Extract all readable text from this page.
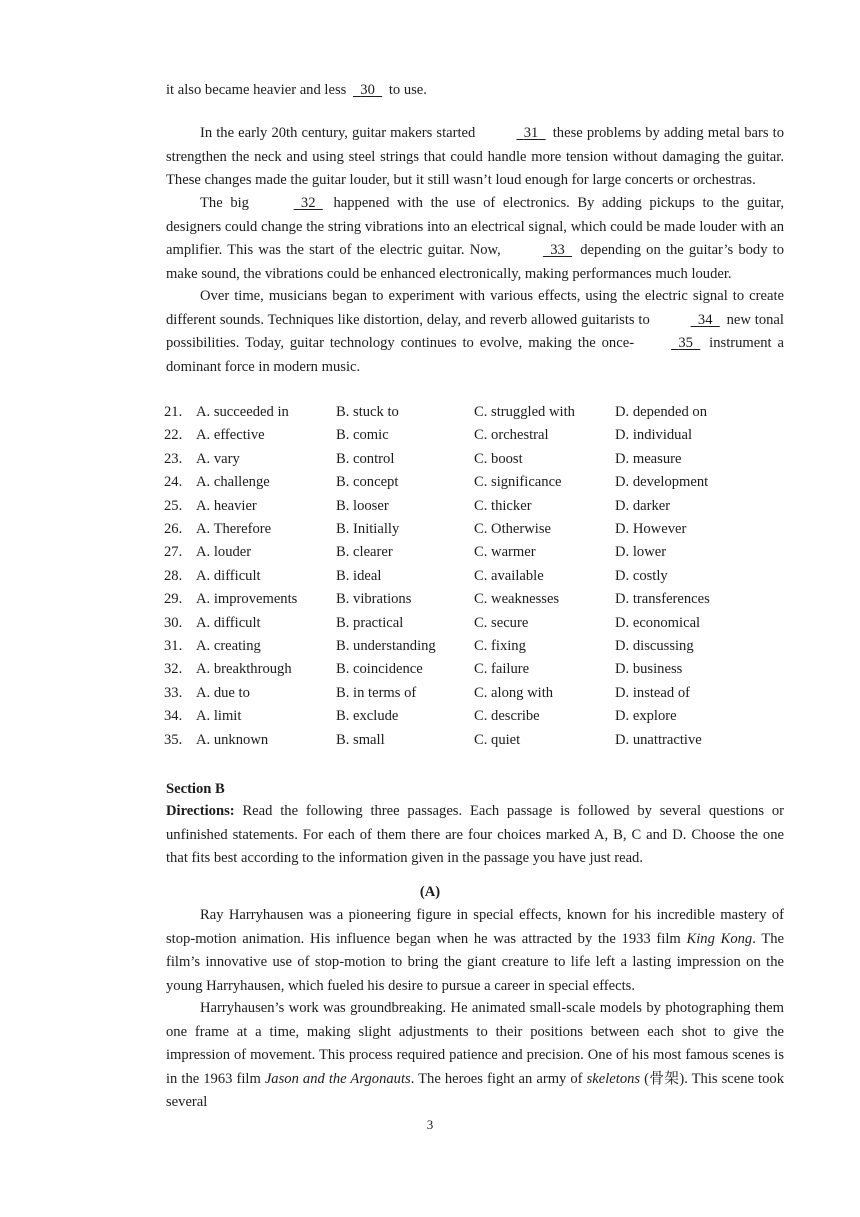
it also became heavier and less 30 to use.

In the early 20th century, guitar makers started	31 these problems by adding metal bars to strengthen the neck and using steel strings that could handle more tension without damaging the guitar. These changes made the guitar louder, but it still wasn’t loud enough for large concerts or orchestras.

The big	32 happened with the use of electronics. By adding pickups to the guitar, designers could change the string vibrations into an electrical signal, which could be made louder with an amplifier. This was the start of the electric guitar. Now,	33 depending on the guitar’s body to make sound, the vibrations could be enhanced electronically, making performances much louder.

Over time, musicians began to experiment with various effects, using the electric signal to create different sounds. Techniques like distortion, delay, and reverb allowed guitarists to	34 new tonal possibilities. Today, guitar technology continues to evolve, making the once-	35 instrument a dominant force in modern music.

21.	A. succeeded in	B. stuck to	C. struggled with	D. depended on
22.	A. effective	B. comic	C. orchestral	D. individual
23.	A. vary	B. control	C. boost	D. measure
24.	A. challenge	B. concept	C. significance	D. development
25.	A. heavier	B. looser	C. thicker	D. darker
26.	A. Therefore	B. Initially	C. Otherwise	D. However
27.	A. louder	B. clearer	C. warmer	D. lower
28.	A. difficult	B. ideal	C. available	D. costly
29.	A. improvements	B. vibrations	C. weaknesses	D. transferences
30.	A. difficult	B. practical	C. secure	D. economical
31.	A. creating	B. understanding	C. fixing	D. discussing
32.	A. breakthrough	B. coincidence	C. failure	D. business
33.	A. due to	B. in terms of	C. along with	D. instead of
34.	A. limit	B. exclude	C. describe	D. explore
35.	A. unknown	B. small	C. quiet	D. unattractive

Section B

Directions: Read the following three passages. Each passage is followed by several questions or unfinished statements. For each of them there are four choices marked A, B, C and D. Choose the one that fits best according to the information given in the passage you have just read.

(A)

Ray Harryhausen was a pioneering figure in special effects, known for his incredible mastery of stop-motion animation. His influence began when he was attracted by the 1933 film King Kong. The film’s innovative use of stop-motion to bring the giant creature to life left a lasting impression on the young Harryhausen, which fueled his desire to pursue a career in special effects.

Harryhausen’s work was groundbreaking. He animated small-scale models by photographing them one frame at a time, making slight adjustments to their positions between each shot to give the impression of movement. This process required patience and precision. One of his most famous scenes is in the 1963 film Jason and the Argonauts. The heroes fight an army of skeletons (骨架). This scene took several

3
